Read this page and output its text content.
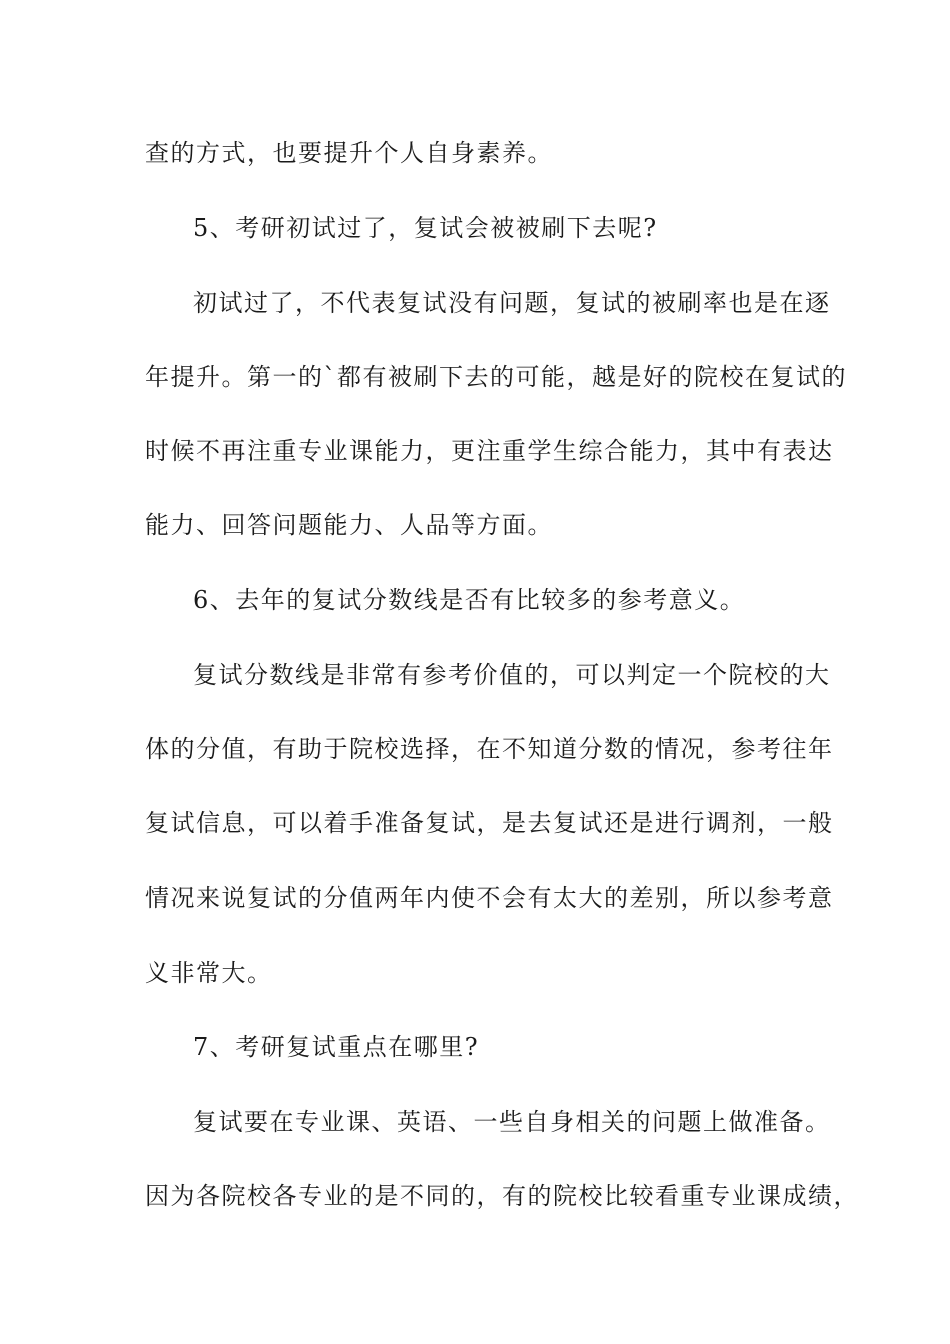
查的方式，也要提升个人自身素养。
5、考研初试过了，复试会被被刷下去呢?
初试过了，不代表复试没有问题，复试的被刷率也是在逐
年提升。第一的`都有被刷下去的可能，越是好的院校在复试的
时候不再注重专业课能力，更注重学生综合能力，其中有表达
能力、回答问题能力、人品等方面。
6、去年的复试分数线是否有比较多的参考意义。
复试分数线是非常有参考价值的，可以判定一个院校的大
体的分值，有助于院校选择，在不知道分数的情况，参考往年
复试信息，可以着手准备复试，是去复试还是进行调剂，一般
情况来说复试的分值两年内使不会有太大的差别，所以参考意
义非常大。
7、考研复试重点在哪里?
复试要在专业课、英语、一些自身相关的问题上做准备。
因为各院校各专业的是不同的，有的院校比较看重专业课成绩，
